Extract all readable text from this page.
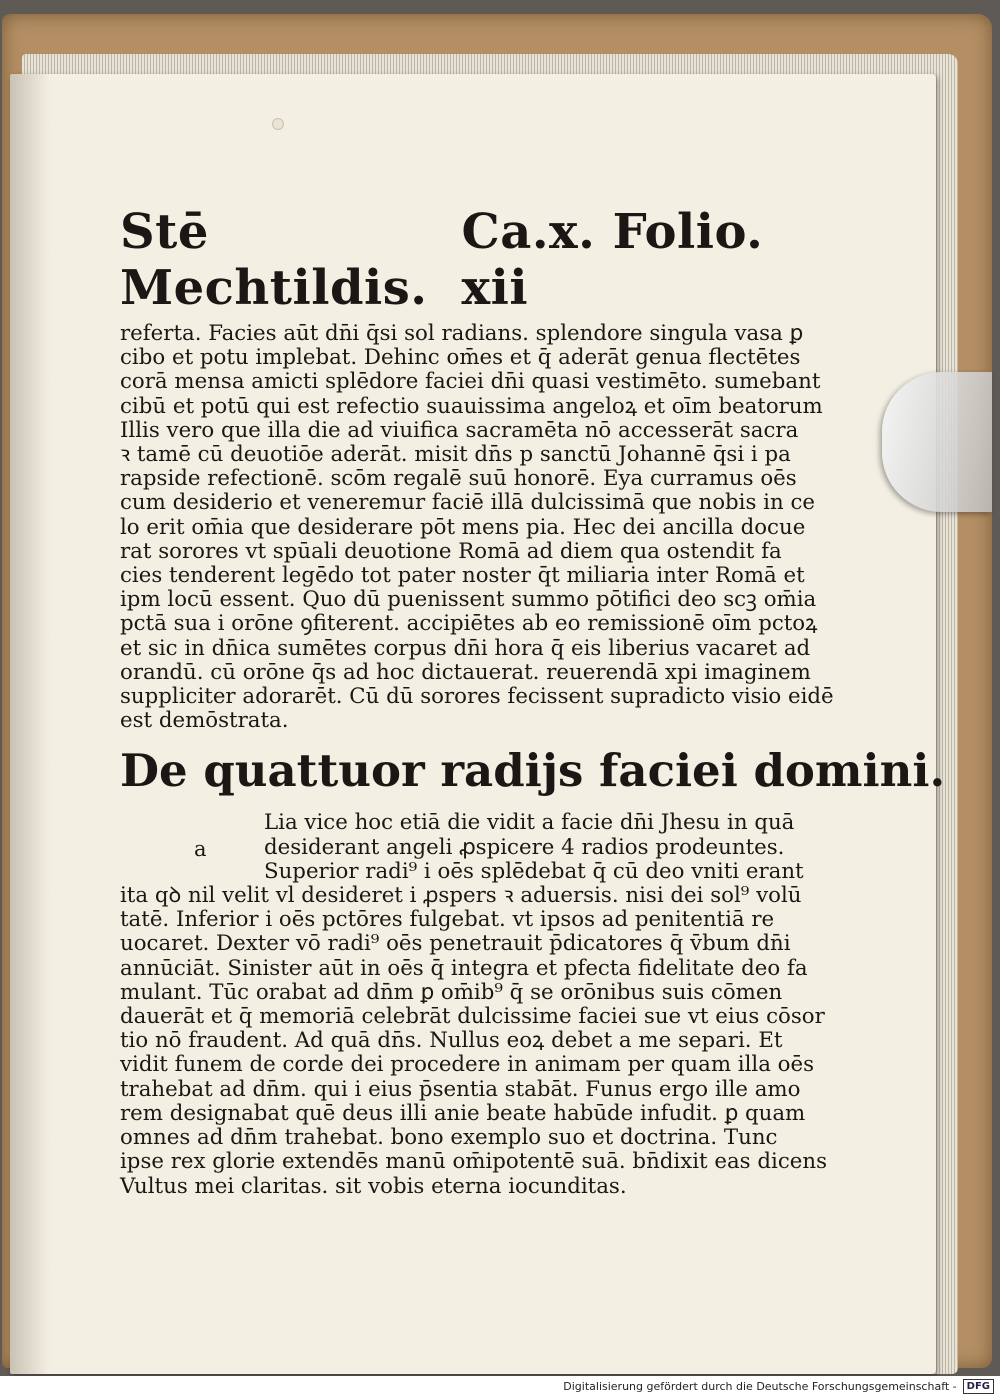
Stē Mechtildis.
Ca.x. Folio. xii

referta. Facies aūt dn̄i q̄si sol radians. splendore singula vasa ꝑ
cibo et potu implebat. Dehinc om̄es et q̄ aderāt genua flectētes
corā mensa amicti splēdore faciei dn̄i quasi vestimēto. sumebant
cibū et potū qui est refectio suauissima angeloꝝ et oīm beatorum
Illis vero que illa die ad viuifica sacramēta nō accesserāt sacra
ꝛ tamē cū deuotiōe aderāt. misit dn̄s p sanctū Johannē q̄si i pa
rapside refectionē. scōm regalē suū honorē. Eya curramus oēs
cum desiderio et veneremur faciē illā dulcissimā que nobis in ce
lo erit om̄ia que desiderare pōt mens pia. Hec dei ancilla docue
rat sorores vt spūali deuotione Romā ad diem qua ostendit fa
cies tenderent legēdo tot pater noster q̄t miliaria inter Romā et
ipm locū essent. Quo dū puenissent summo pōtifici deo scꝫ om̄ia
pctā sua i orōne ꝯfiterent. accipiētes ab eo remissionē oīm pctoꝝ
et sic in dn̄ica sumētes corpus dn̄i hora q̄ eis liberius vacaret ad
orandū. cū orōne q̄s ad hoc dictauerat. reuerendā xpi imaginem
suppliciter adorarēt. Cū dū sorores fecissent supradicto visio eidē
est demōstrata.

De quattuor radijs faciei domini.
a

Lia vice hoc etiā die vidit a facie dn̄i Jhesu in quā
desiderant angeli ꝓspicere 4 radios prodeuntes.
Superior radi⁹ i oēs splēdebat q̄ cū deo vniti erant

ita qꝺ nil velit vl desideret i ꝓspers ꝛ aduersis. nisi dei sol⁹ volū
tatē. Inferior i oēs pctōres fulgebat. vt ipsos ad penitentiā re
uocaret. Dexter vō radi⁹ oēs penetrauit p̄dicatores q̄ v̄bum dn̄i
annūciāt. Sinister aūt in oēs q̄ integra et pfecta fidelitate deo fa
mulant. Tūc orabat ad dn̄m ꝑ om̄ib⁹ q̄ se orōnibus suis cōmen
dauerāt et q̄ memoriā celebrāt dulcissime faciei sue vt eius cōsor
tio nō fraudent. Ad quā dn̄s. Nullus eoꝝ debet a me separi. Et
vidit funem de corde dei procedere in animam per quam illa oēs
trahebat ad dn̄m. qui i eius p̄sentia stabāt. Funus ergo ille amo
rem designabat quē deus illi anie beate habūde infudit. ꝑ quam
omnes ad dn̄m trahebat. bono exemplo suo et doctrina. Tunc
ipse rex glorie extendēs manū om̄ipotentē suā. bn̄dixit eas dicens
Vultus mei claritas. sit vobis eterna iocunditas.

Digitalisierung gefördert durch die Deutsche Forschungsgemeinschaft -	DFG
